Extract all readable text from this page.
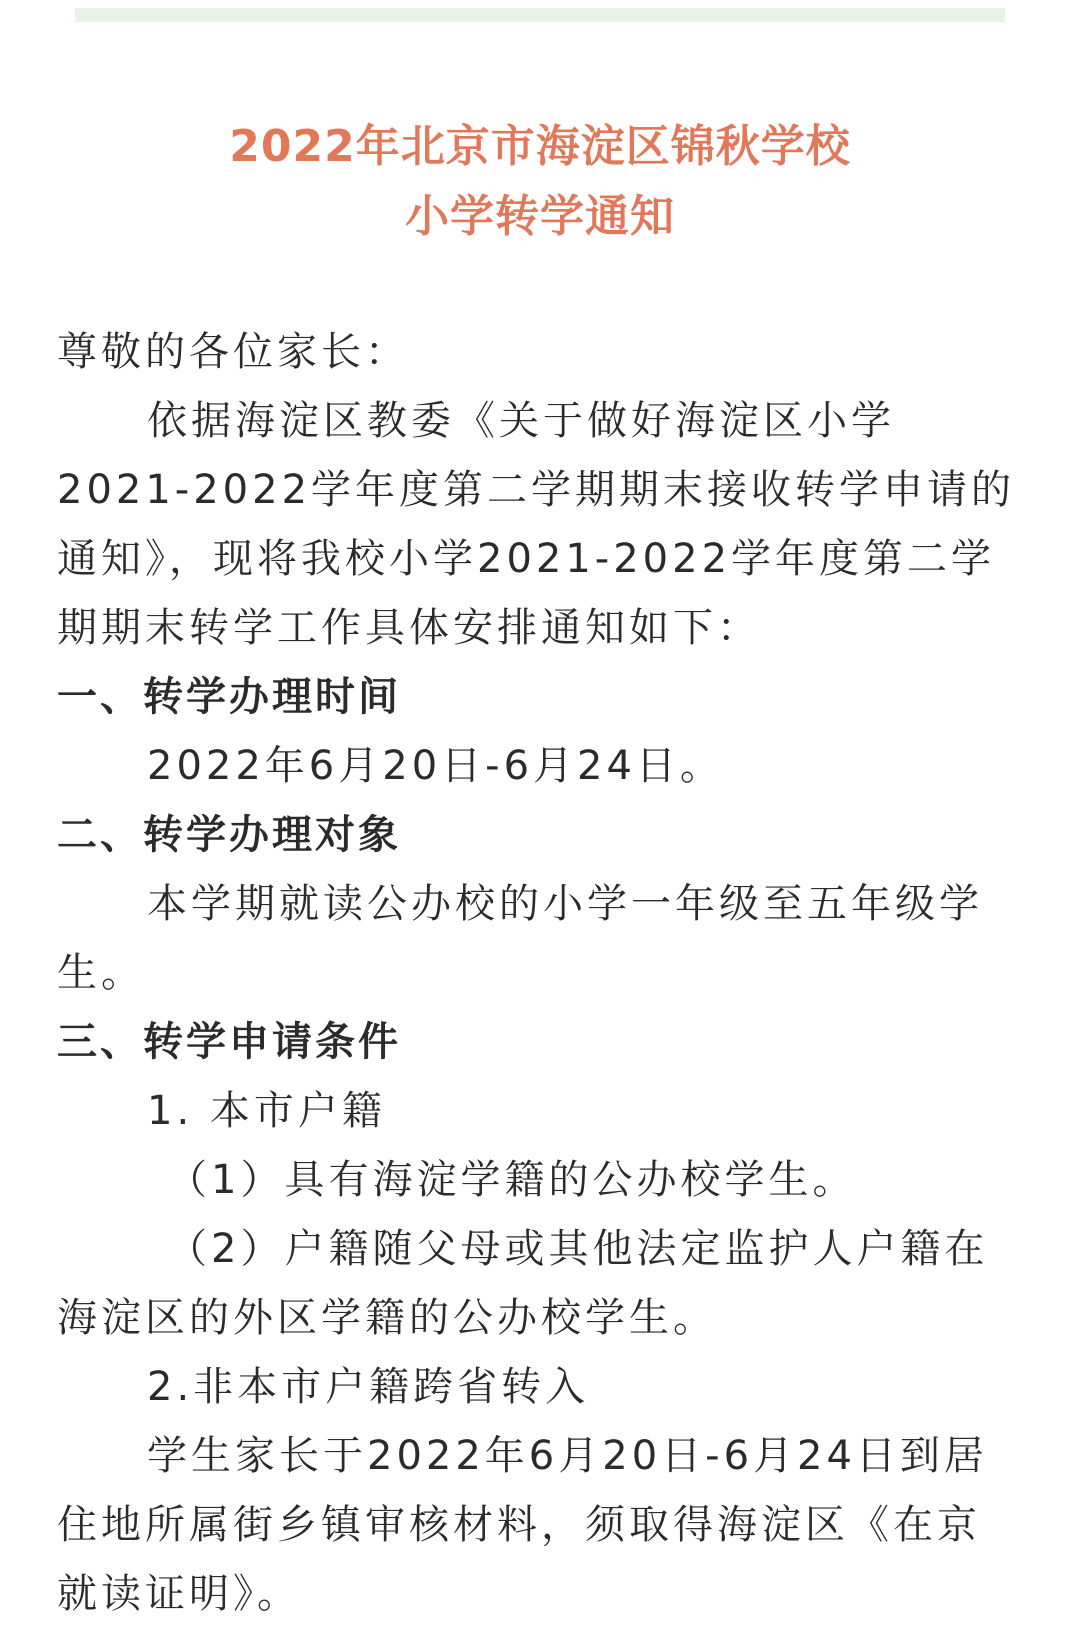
2022年北京市海淀区锦秋学校
小学转学通知

尊敬的各位家长：

依据海淀区教委《关于做好海淀区小学2021-2022学年度第二学期期末接收转学申请的通知》，现将我校小学2021-2022学年度第二学期期末转学工作具体安排通知如下：

一、转学办理时间

2022年6月20日-6月24日。

二、转学办理对象

本学期就读公办校的小学一年级至五年级学生。

三、转学申请条件

1. 本市户籍

（1）具有海淀学籍的公办校学生。

（2）户籍随父母或其他法定监护人户籍在海淀区的外区学籍的公办校学生。

2.非本市户籍跨省转入

学生家长于2022年6月20日-6月24日到居住地所属街乡镇审核材料，须取得海淀区《在京就读证明》。
